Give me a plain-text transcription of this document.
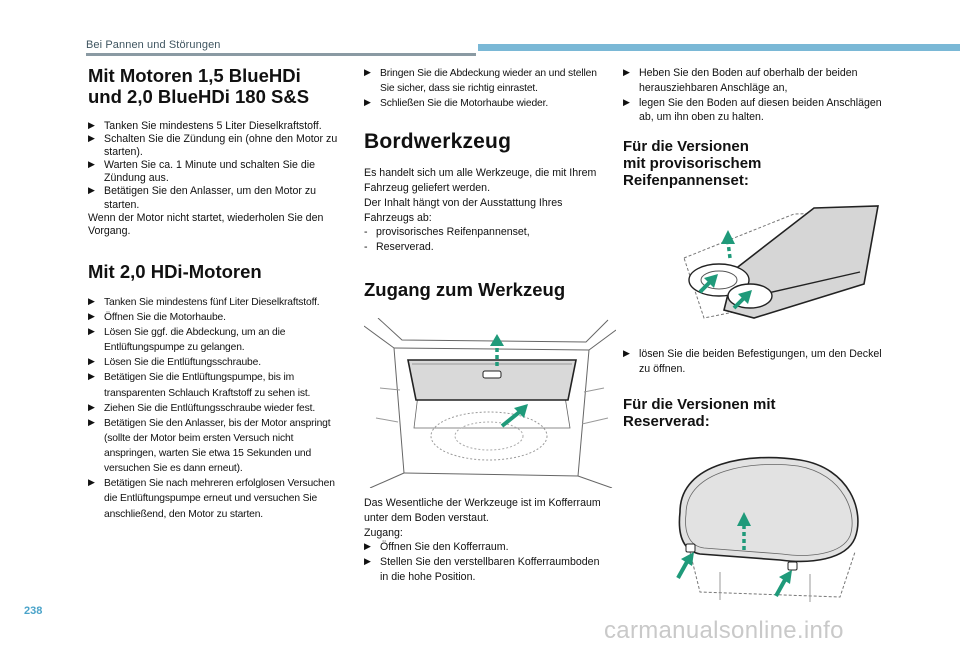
Bei Pannen und Störungen
Mit Motoren 1,5 BlueHDi
und 2,0 BlueHDi 180 S&S
▶ Tanken Sie mindestens 5 Liter Dieselkraftstoff.
▶ Schalten Sie die Zündung ein (ohne den Motor zu starten).
▶ Warten Sie ca. 1 Minute und schalten Sie die Zündung aus.
▶ Betätigen Sie den Anlasser, um den Motor zu starten.
Wenn der Motor nicht startet, wiederholen Sie den Vorgang.
Mit 2,0 HDi-Motoren
▶ Tanken Sie mindestens fünf Liter Dieselkraftstoff.
▶ Öffnen Sie die Motorhaube.
▶ Lösen Sie ggf. die Abdeckung, um an die Entlüftungspumpe zu gelangen.
▶ Lösen Sie die Entlüftungsschraube.
▶ Betätigen Sie die Entlüftungspumpe, bis im transparenten Schlauch Kraftstoff zu sehen ist.
▶ Ziehen Sie die Entlüftungsschraube wieder fest.
▶ Betätigen Sie den Anlasser, bis der Motor anspringt (sollte der Motor beim ersten Versuch nicht anspringen, warten Sie etwa 15 Sekunden und versuchen Sie es dann erneut).
▶ Betätigen Sie nach mehreren erfolglosen Versuchen die Entlüftungspumpe erneut und versuchen Sie anschließend, den Motor zu starten.
▶ Bringen Sie die Abdeckung wieder an und stellen Sie sicher, dass sie richtig einrastet.
▶ Schließen Sie die Motorhaube wieder.
Bordwerkzeug
Es handelt sich um alle Werkzeuge, die mit Ihrem Fahrzeug geliefert werden.
Der Inhalt hängt von der Ausstattung Ihres Fahrzeugs ab:
- provisorisches Reifenpannenset,
- Reserverad.
Zugang zum Werkzeug
Das Wesentliche der Werkzeuge ist im Kofferraum unter dem Boden verstaut.
Zugang:
▶ Öffnen Sie den Kofferraum.
▶ Stellen Sie den verstellbaren Kofferraumboden in die hohe Position.
▶ Heben Sie den Boden auf oberhalb der beiden herausziehbaren Anschläge an,
▶ legen Sie den Boden auf diesen beiden Anschlägen ab, um ihn oben zu halten.
Für die Versionen
mit provisorischem
Reifenpannenset:
▶ lösen Sie die beiden Befestigungen, um den Deckel zu öffnen.
Für die Versionen mit
Reserverad:
238
carmanualsonline.info
